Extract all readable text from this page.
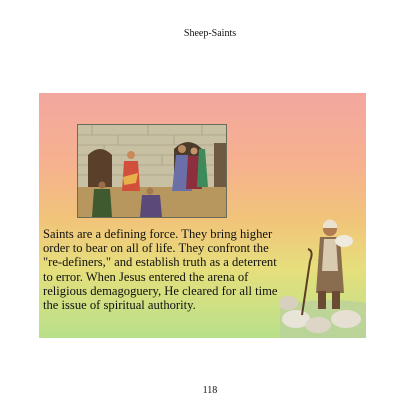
Sheep-Saints

Saints are a defining force. They bring higher order to bear on all of life. They confront the "re-definers," and establish truth as a deterrent to error. When Jesus entered the arena of religious demagoguery, He cleared for all time the issue of spiritual authority.

118
